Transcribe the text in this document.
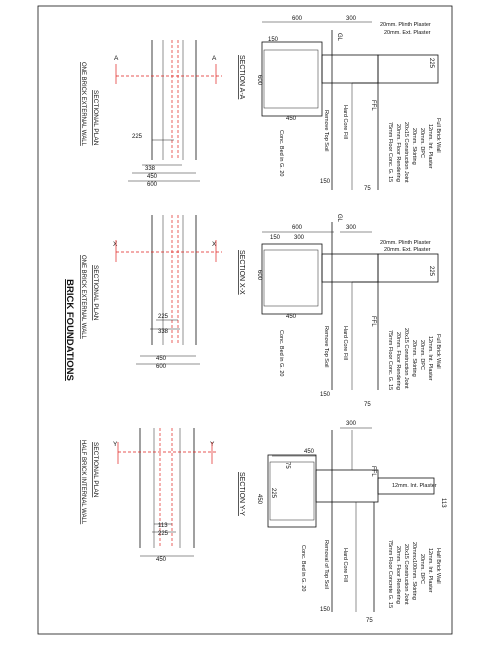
BRICK FOUNDATIONS
SECTIONAL PLAN
ONE BRICK EXTERNAL WALL
A	A
225
338
450
600
SECTIONAL PLAN
ONE BRICK EXTERNAL WALL
X	X
225
338
450
600
SECTIONAL PLAN
HALF BRICK INTERNAL WALL	Y	Y
113
225
450
SECTION A-A
600	300
150
225
600
450
150
75
GL
FFL
20mm. Plinth Plaster
20mm. Ext. Plaster
Hard Core Fill
Remove Top Soil
Conc. Bed in G. 20	Full Brick Wall
12mm. Int. Plaster
20mm. DPC
20mm. Skirting
20x15 Construction Joint
20mm. Floor Rendering
75mm Floor Conc. G. 15
SECTION X-X
600	300
150 300
225
600
450
150
75
GL
FFL
20mm. Plinth Plaster
20mm. Ext. Plaster
Hard Core Fill
Remove Top Soil
Conc. Bed in G. 20	Full Brick Wall
12mm. Int. Plaster
20mm. DPC
20mm. Skirting
20x15 Construction Joint
20mm. Floor Rendering
75mm Floor Conc. G. 15
SECTION Y-Y
300
450
75
225
113
450
150
75
FFL
12mm. Int. Plaster
Hard Core Fill
Removal of Top Soil
Conc. Bed in G. 20	Half Brick Wall
12mm. Int. Plaster
20mm. DPC
20mmx100mm. Skirting
20x15 Construction Joint
20mm. Floor Rendering
75mm Floor Concrete G. 15
